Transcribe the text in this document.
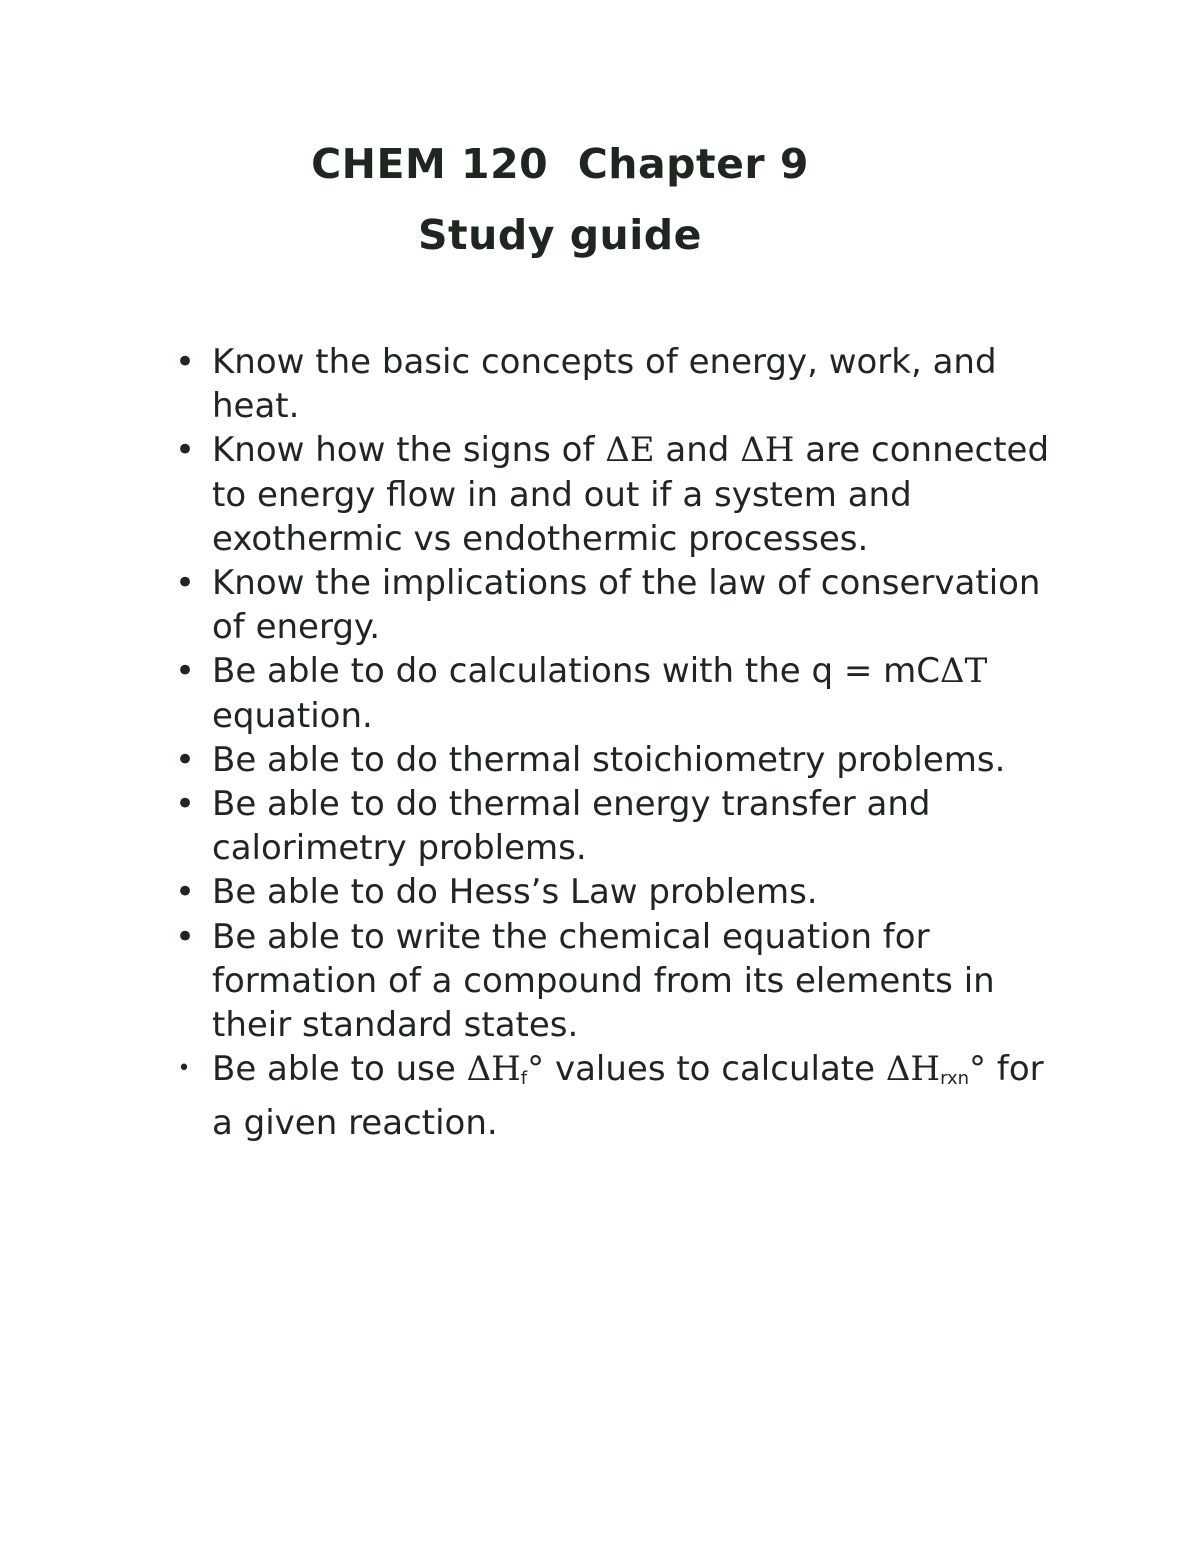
CHEM 120  Chapter 9
Study guide
• Know the basic concepts of energy, work, and heat.
• Know how the signs of ΔE and ΔH are connected to energy flow in and out if a system and exothermic vs endothermic processes.
• Know the implications of the law of conservation of energy.
• Be able to do calculations with the q = mCΔT equation.
• Be able to do thermal stoichiometry problems.
• Be able to do thermal energy transfer and calorimetry problems.
• Be able to do Hess’s Law problems.
• Be able to write the chemical equation for formation of a compound from its elements in their standard states.
• Be able to use $\Delta H_f^\circ$ values to calculate $\Delta H_{rxn}^\circ$ for a given reaction.
